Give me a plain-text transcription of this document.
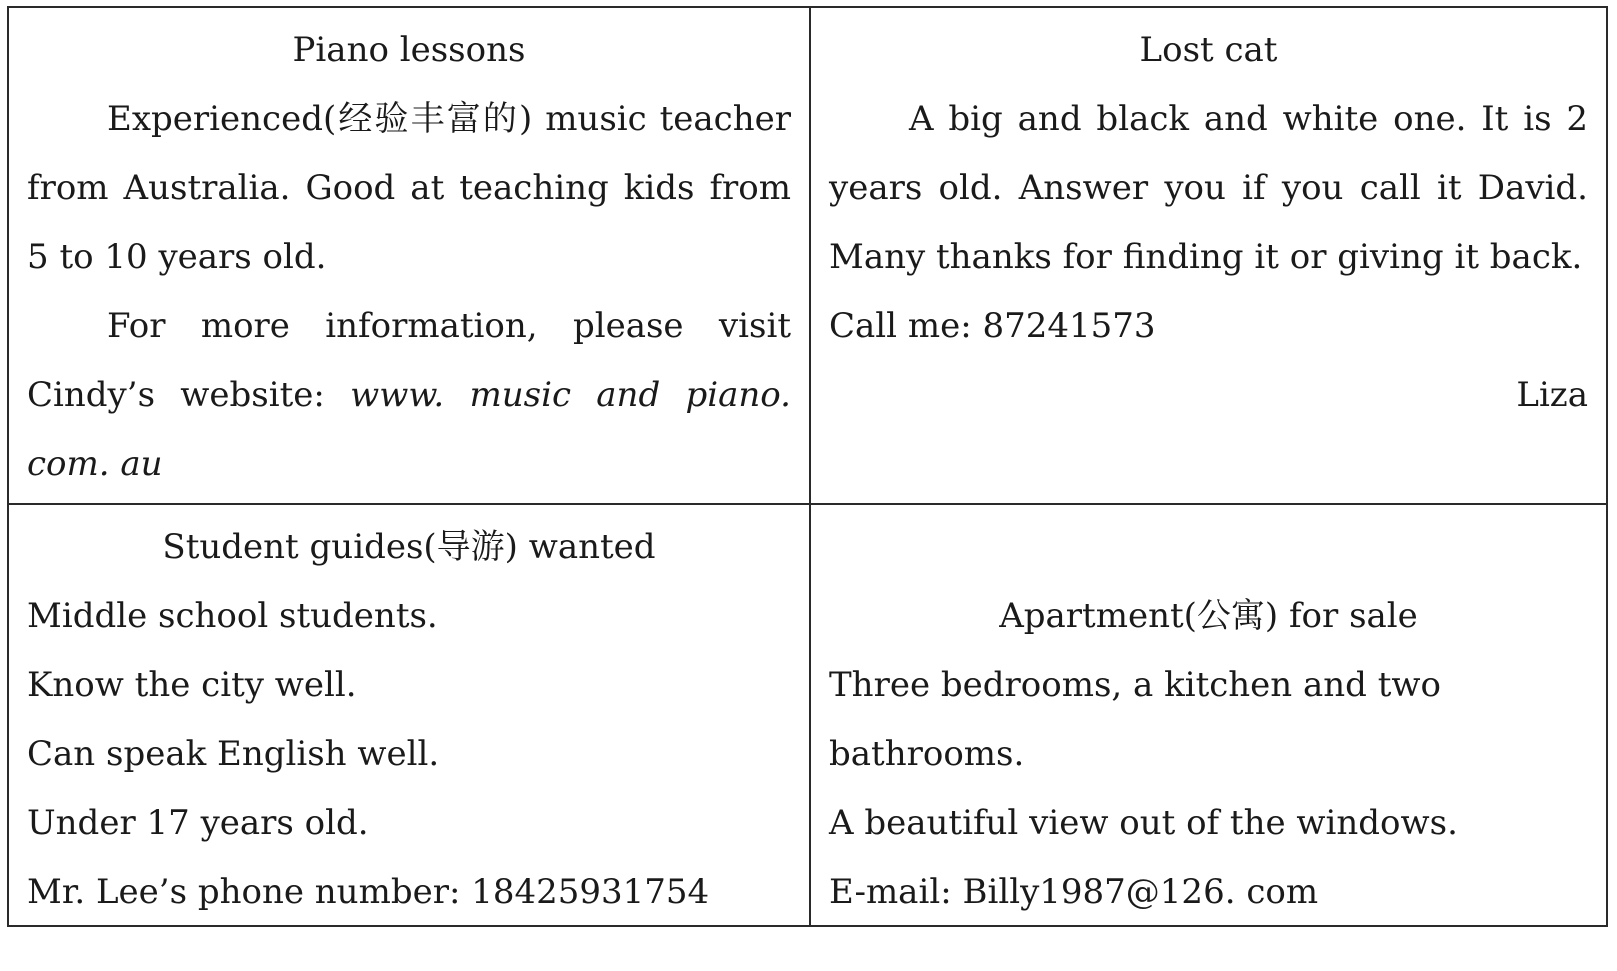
Piano lessons

Experienced(经验丰富的) music teacher from Australia. Good at teaching kids from 5 to 10 years old.

For more information, please visit Cindy’s website: www. music and piano. com. au

Lost cat

A big and black and white one. It is 2 years old. Answer you if you call it David. Many thanks for finding it or giving it back.

Call me: 87241573

Liza

Student guides(导游) wanted

Middle school students.

Know the city well.

Can speak English well.

Under 17 years old.

Mr. Lee’s phone number: 18425931754

Apartment(公寓) for sale

Three bedrooms, a kitchen and two bathrooms.

A beautiful view out of the windows.

E-mail: Billy1987@126. com
